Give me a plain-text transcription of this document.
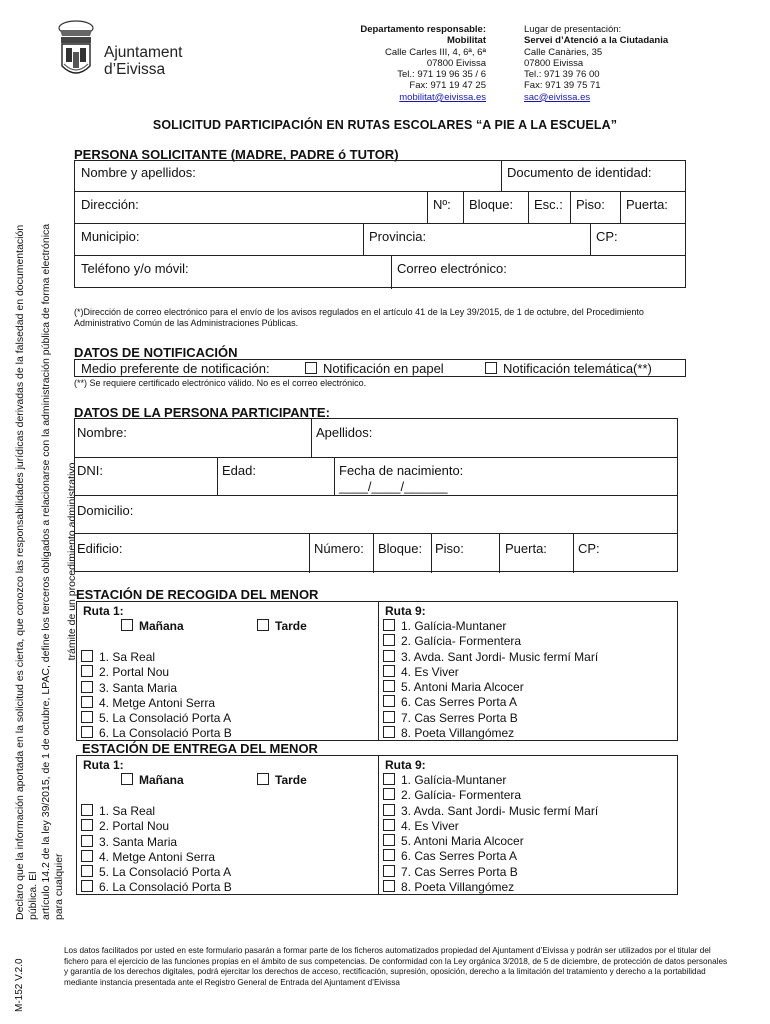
Ajuntament
d’Eivissa
Departamento responsable:
Mobilitat
Calle Carles III, 4, 6ª, 6ª
07800 Eivissa
Tel.: 971 19 96 35 / 6
Fax: 971 19 47 25
mobilitat@eivissa.es
Lugar de presentación:
Servei d’Atenció a la Ciutadania
Calle Canàries, 35
07800 Eivissa
Tel.: 971 39 76 00
Fax: 971 39 75 71
sac@eivissa.es
SOLICITUD PARTICIPACIÓN EN RUTAS ESCOLARES “A PIE A LA ESCUELA”
Declaro que la información aportada en la solicitud es cierta, que conozco las responsabilidades jurídicas derivadas de la falsedad en documentación pública. El artículo 14.2 de la ley 39/2015, de 1 de octubre, LPAC, define los terceros obligados a relacionarse con la administración pública de forma electrónica para cualquier
trámite de un procedimiento administrativo.
PERSONA SOLICITANTE (MADRE, PADRE ó TUTOR)
Nombre y apellidos:	Documento de identidad:
Dirección:	Nº: Bloque: Esc.: Piso: Puerta:
Municipio:	Provincia:	CP:
Teléfono y/o móvil:	Correo electrónico:
(*)Dirección de correo electrónico para el envío de los avisos regulados en el artículo 41 de la Ley 39/2015, de 1 de octubre, del Procedimiento Administrativo Común de las Administraciones Públicas.
DATOS DE NOTIFICACIÓN
Medio preferente de notificación:	Notificación en papel	Notificación telemática(**)
(**) Se requiere certificado electrónico válido. No es el correo electrónico.
DATOS DE LA PERSONA PARTICIPANTE:
Nombre:	Apellidos:
DNI:	Edad:	Fecha de nacimiento:
____/____/______
Domicilio:
Edificio:	Número: Bloque: Piso:	Puerta: CP:
ESTACIÓN DE RECOGIDA DEL MENOR
Ruta 1:
Mañana	Tarde
1. Sa Real
2. Portal Nou
3. Santa Maria
4. Metge Antoni Serra
5. La Consolació Porta A
6. La Consolació Porta B
Ruta 9:
1. Galícia-Muntaner
2. Galícia- Formentera
3. Avda. Sant Jordi- Music fermí Marí
4. Es Viver
5. Antoni Maria Alcocer
6. Cas Serres Porta A
7. Cas Serres Porta B
8. Poeta Villangómez
ESTACIÓN DE ENTREGA DEL MENOR
Ruta 1:
Mañana	Tarde
1. Sa Real
2. Portal Nou
3. Santa Maria
4. Metge Antoni Serra
5. La Consolació Porta A
6. La Consolació Porta B
Ruta 9:
1. Galícia-Muntaner
2. Galícia- Formentera
3. Avda. Sant Jordi- Music fermí Marí
4. Es Viver
5. Antoni Maria Alcocer
6. Cas Serres Porta A
7. Cas Serres Porta B
8. Poeta Villangómez
Los datos facilitados por usted en este formulario pasarán a formar parte de los ficheros automatizados propiedad del Ajuntament d’Eivissa y podrán ser utilizados por el titular del fichero para el ejercicio de las funciones propias en el ámbito de sus competencias. De conformidad con la Ley orgánica 3/2018, de 5 de diciembre, de protección de datos personales y garantía de los derechos digitales, podrá ejercitar los derechos de acceso, rectificación, supresión, oposición, derecho a la limitación del tratamiento y derecho a la portabilidad mediante instancia presentada ante el Registro General de Entrada del Ajuntament d’Eivissa
M-152 V.2.0
